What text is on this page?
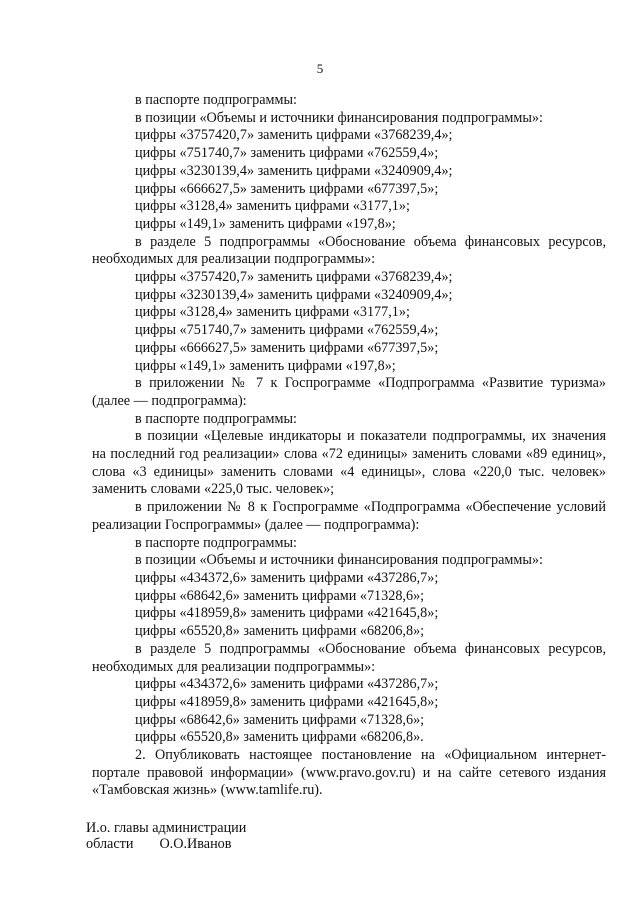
5

в паспорте подпрограммы:

в позиции «Объемы и источники финансирования подпрограммы»:

цифры «3757420,7» заменить цифрами «3768239,4»;

цифры «751740,7» заменить цифрами «762559,4»;

цифры «3230139,4» заменить цифрами «3240909,4»;

цифры «666627,5» заменить цифрами «677397,5»;

цифры «3128,4» заменить цифрами «3177,1»;

цифры «149,1» заменить цифрами «197,8»;

в разделе 5 подпрограммы «Обоснование объема финансовых ресурсов, необходимых для реализации подпрограммы»:

цифры «3757420,7» заменить цифрами «3768239,4»;

цифры «3230139,4» заменить цифрами «3240909,4»;

цифры «3128,4» заменить цифрами «3177,1»;

цифры «751740,7» заменить цифрами «762559,4»;

цифры «666627,5» заменить цифрами «677397,5»;

цифры «149,1» заменить цифрами «197,8»;

в приложении № 7 к Госпрограмме «Подпрограмма «Развитие туризма» (далее — подпрограмма):

в паспорте подпрограммы:

в позиции «Целевые индикаторы и показатели подпрограммы, их значения на последний год реализации» слова «72 единицы» заменить словами «89 единиц», слова «3 единицы» заменить словами «4 единицы», слова «220,0 тыс. человек» заменить словами «225,0 тыс. человек»;

в приложении № 8 к Госпрограмме «Подпрограмма «Обеспечение условий реализации Госпрограммы» (далее — подпрограмма):

в паспорте подпрограммы:

в позиции «Объемы и источники финансирования подпрограммы»:

цифры «434372,6» заменить цифрами «437286,7»;

цифры «68642,6» заменить цифрами «71328,6»;

цифры «418959,8» заменить цифрами «421645,8»;

цифры «65520,8» заменить цифрами «68206,8»;

в разделе 5 подпрограммы «Обоснование объема финансовых ресурсов, необходимых для реализации подпрограммы»:

цифры «434372,6» заменить цифрами «437286,7»;

цифры «418959,8» заменить цифрами «421645,8»;

цифры «68642,6» заменить цифрами «71328,6»;

цифры «65520,8» заменить цифрами «68206,8».

2. Опубликовать настоящее постановление на «Официальном интернет-портале правовой информации» (www.pravo.gov.ru) и на сайте сетевого издания «Тамбовская жизнь» (www.tamlife.ru).

И.о. главы администрации
области О.О.Иванов
